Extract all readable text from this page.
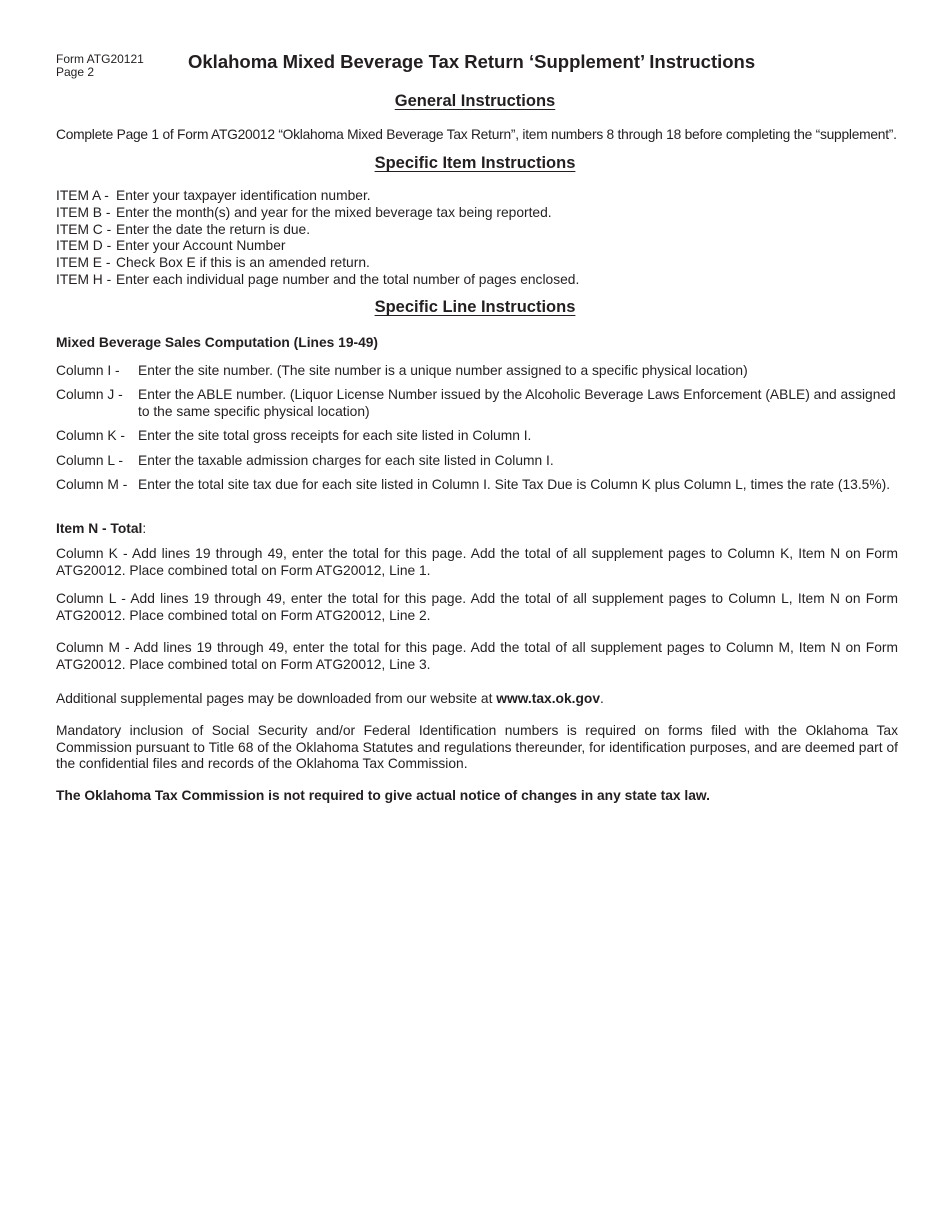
Form ATG20121
Page 2	Oklahoma Mixed Beverage Tax Return ‘Supplement’ Instructions
General Instructions
Complete Page 1 of Form ATG20012 “Oklahoma Mixed Beverage Tax Return”, item numbers 8 through 18 before completing the “supplement”.
Specific Item Instructions
ITEM A - Enter your taxpayer identification number.
ITEM B - Enter the month(s) and year for the mixed beverage tax being reported.
ITEM C - Enter the date the return is due.
ITEM D - Enter your Account Number
ITEM E - Check Box E if this is an amended return.
ITEM H - Enter each individual page number and the total number of pages enclosed.
Specific Line Instructions
Mixed Beverage Sales Computation (Lines 19-49)
Column I - Enter the site number. (The site number is a unique number assigned to a specific physical location)
Column J - Enter the ABLE number. (Liquor License Number issued by the Alcoholic Beverage Laws Enforcement (ABLE) and assigned to the same specific physical location)
Column K - Enter the site total gross receipts for each site listed in Column I.
Column L - Enter the taxable admission charges for each site listed in Column I.
Column M - Enter the total site tax due for each site listed in Column I. Site Tax Due is Column K plus Column L, times the rate (13.5%).
Item N - Total:
Column K - Add lines 19 through 49, enter the total for this page. Add the total of all supplement pages to Column K, Item N on Form ATG20012. Place combined total on Form ATG20012, Line 1.
Column L - Add lines 19 through 49, enter the total for this page. Add the total of all supplement pages to Column L, Item N on Form ATG20012. Place combined total on Form ATG20012, Line 2.
Column M - Add lines 19 through 49, enter the total for this page. Add the total of all supplement pages to Column M, Item N on Form ATG20012. Place combined total on Form ATG20012, Line 3.
Additional supplemental pages may be downloaded from our website at www.tax.ok.gov.
Mandatory inclusion of Social Security and/or Federal Identification numbers is required on forms filed with the Oklahoma Tax Commission pursuant to Title 68 of the Oklahoma Statutes and regulations thereunder, for identification purposes, and are deemed part of the confidential files and records of the Oklahoma Tax Commission.
The Oklahoma Tax Commission is not required to give actual notice of changes in any state tax law.
